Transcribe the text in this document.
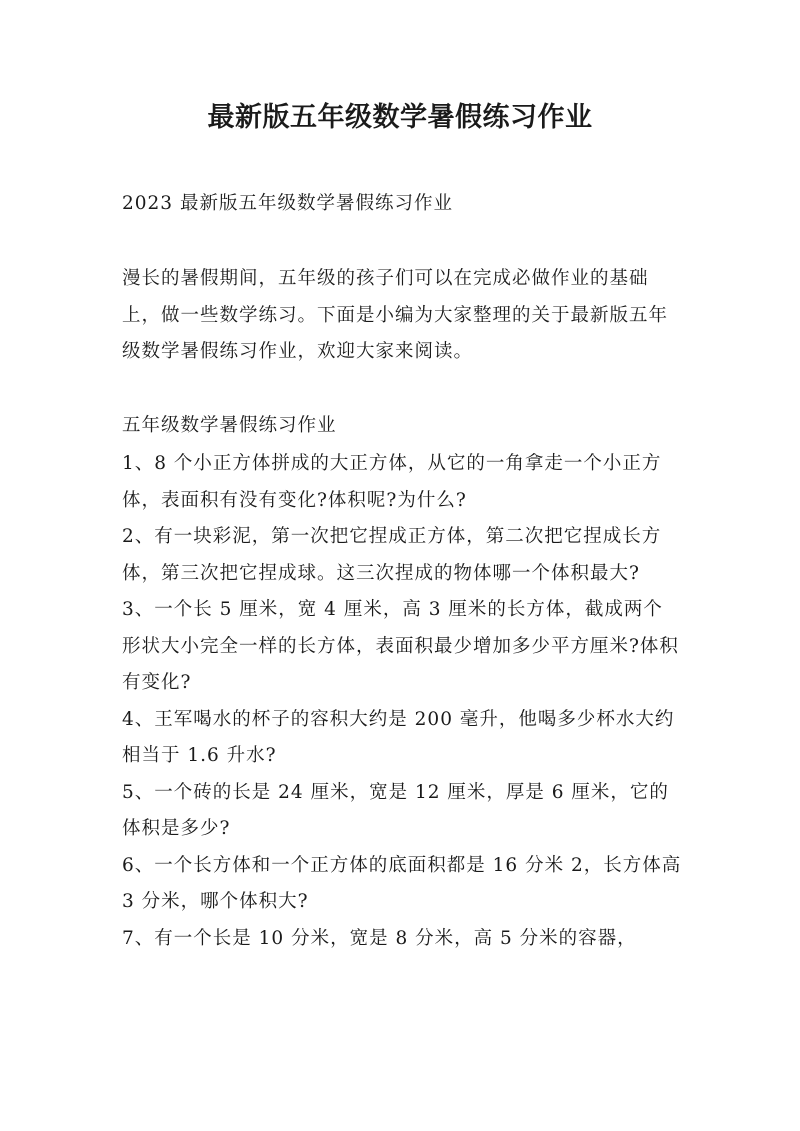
最新版五年级数学暑假练习作业
2023 最新版五年级数学暑假练习作业
漫长的暑假期间，五年级的孩子们可以在完成必做作业的基础上，做一些数学练习。下面是小编为大家整理的关于最新版五年级数学暑假练习作业，欢迎大家来阅读。
五年级数学暑假练习作业
1、8 个小正方体拼成的大正方体，从它的一角拿走一个小正方体，表面积有没有变化?体积呢?为什么?
2、有一块彩泥，第一次把它捏成正方体，第二次把它捏成长方体，第三次把它捏成球。这三次捏成的物体哪一个体积最大?
3、一个长 5 厘米，宽 4 厘米，高 3 厘米的长方体，截成两个形状大小完全一样的长方体，表面积最少增加多少平方厘米?体积有变化?
4、王军喝水的杯子的容积大约是 200 毫升，他喝多少杯水大约相当于 1.6 升水?
5、一个砖的长是 24 厘米，宽是 12 厘米，厚是 6 厘米，它的体积是多少?
6、一个长方体和一个正方体的底面积都是 16 分米 2，长方体高 3 分米，哪个体积大?
7、有一个长是 10 分米，宽是 8 分米，高 5 分米的容器，
